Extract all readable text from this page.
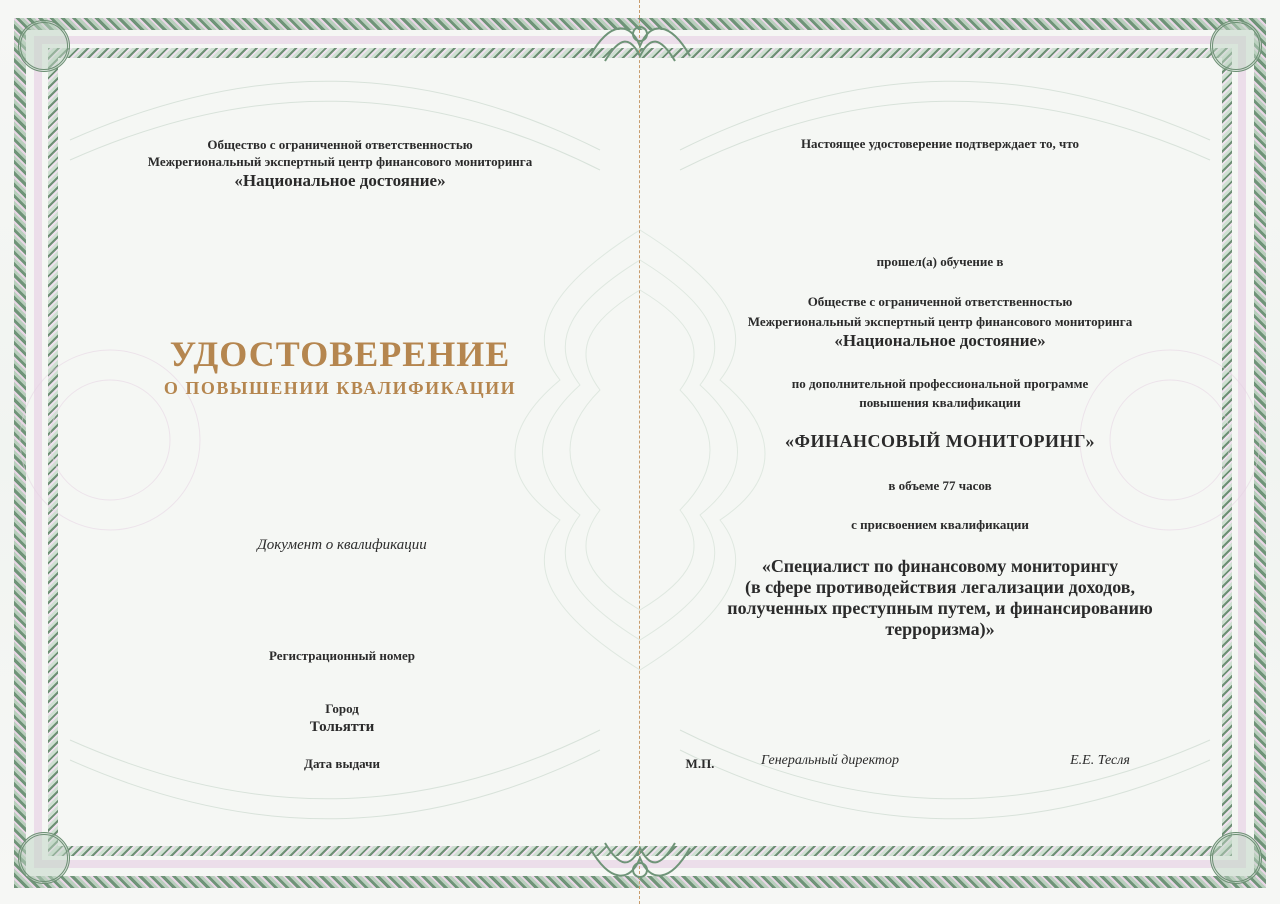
Общество с ограниченной ответственностью
Межрегиональный экспертный центр финансового мониторинга
«Национальное достояние»
УДОСТОВЕРЕНИЕ
О ПОВЫШЕНИИ КВАЛИФИКАЦИИ
Документ о квалификации
Регистрационный номер
Город
Тольятти
Дата выдачи
Настоящее удостоверение подтверждает то, что
прошел(а) обучение в
Обществе с ограниченной ответственностью
Межрегиональный экспертный центр финансового мониторинга
«Национальное достояние»
по дополнительной профессиональной программе
повышения квалификации
«ФИНАНСОВЫЙ МОНИТОРИНГ»
в объеме 77 часов
с присвоением квалификации
«Специалист по финансовому мониторингу
(в сфере противодействия легализации доходов,
полученных преступным путем, и финансированию
терроризма)»
М.П.	Генеральный директор	Е.Е. Тесля
